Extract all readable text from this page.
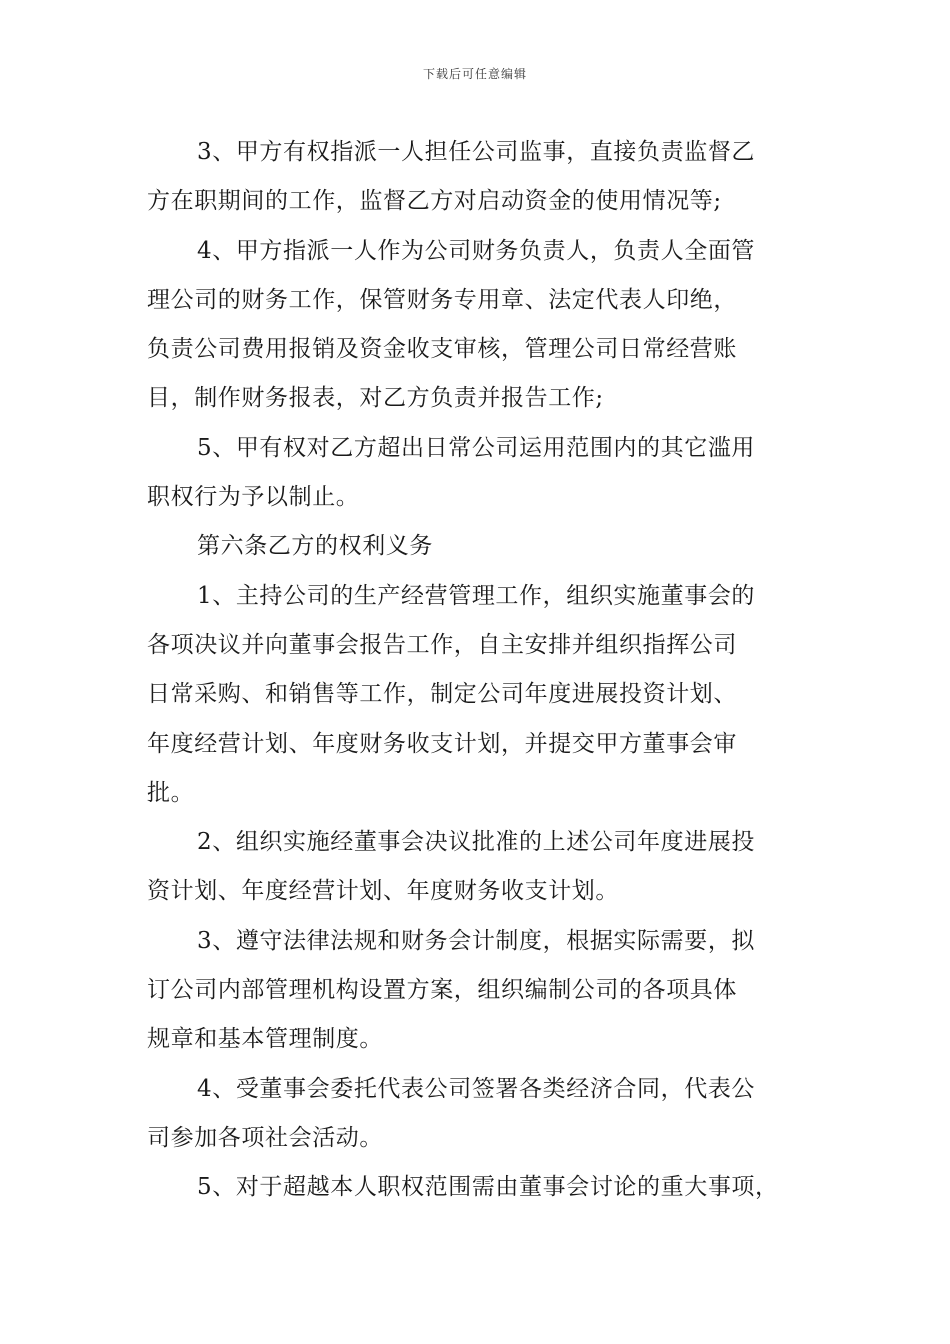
下载后可任意编辑
3、甲方有权指派一人担任公司监事，直接负责监督乙
方在职期间的工作，监督乙方对启动资金的使用情况等;
4、甲方指派一人作为公司财务负责人，负责人全面管
理公司的财务工作，保管财务专用章、法定代表人印绝，
负责公司费用报销及资金收支审核，管理公司日常经营账
目，制作财务报表，对乙方负责并报告工作;
5、甲有权对乙方超出日常公司运用范围内的其它滥用
职权行为予以制止。
第六条乙方的权利义务
1、主持公司的生产经营管理工作，组织实施董事会的
各项决议并向董事会报告工作，自主安排并组织指挥公司
日常采购、和销售等工作，制定公司年度进展投资计划、
年度经营计划、年度财务收支计划，并提交甲方董事会审
批。
2、组织实施经董事会决议批准的上述公司年度进展投
资计划、年度经营计划、年度财务收支计划。
3、遵守法律法规和财务会计制度，根据实际需要，拟
订公司内部管理机构设置方案，组织编制公司的各项具体
规章和基本管理制度。
4、受董事会委托代表公司签署各类经济合同，代表公
司参加各项社会活动。
5、对于超越本人职权范围需由董事会讨论的重大事项，
